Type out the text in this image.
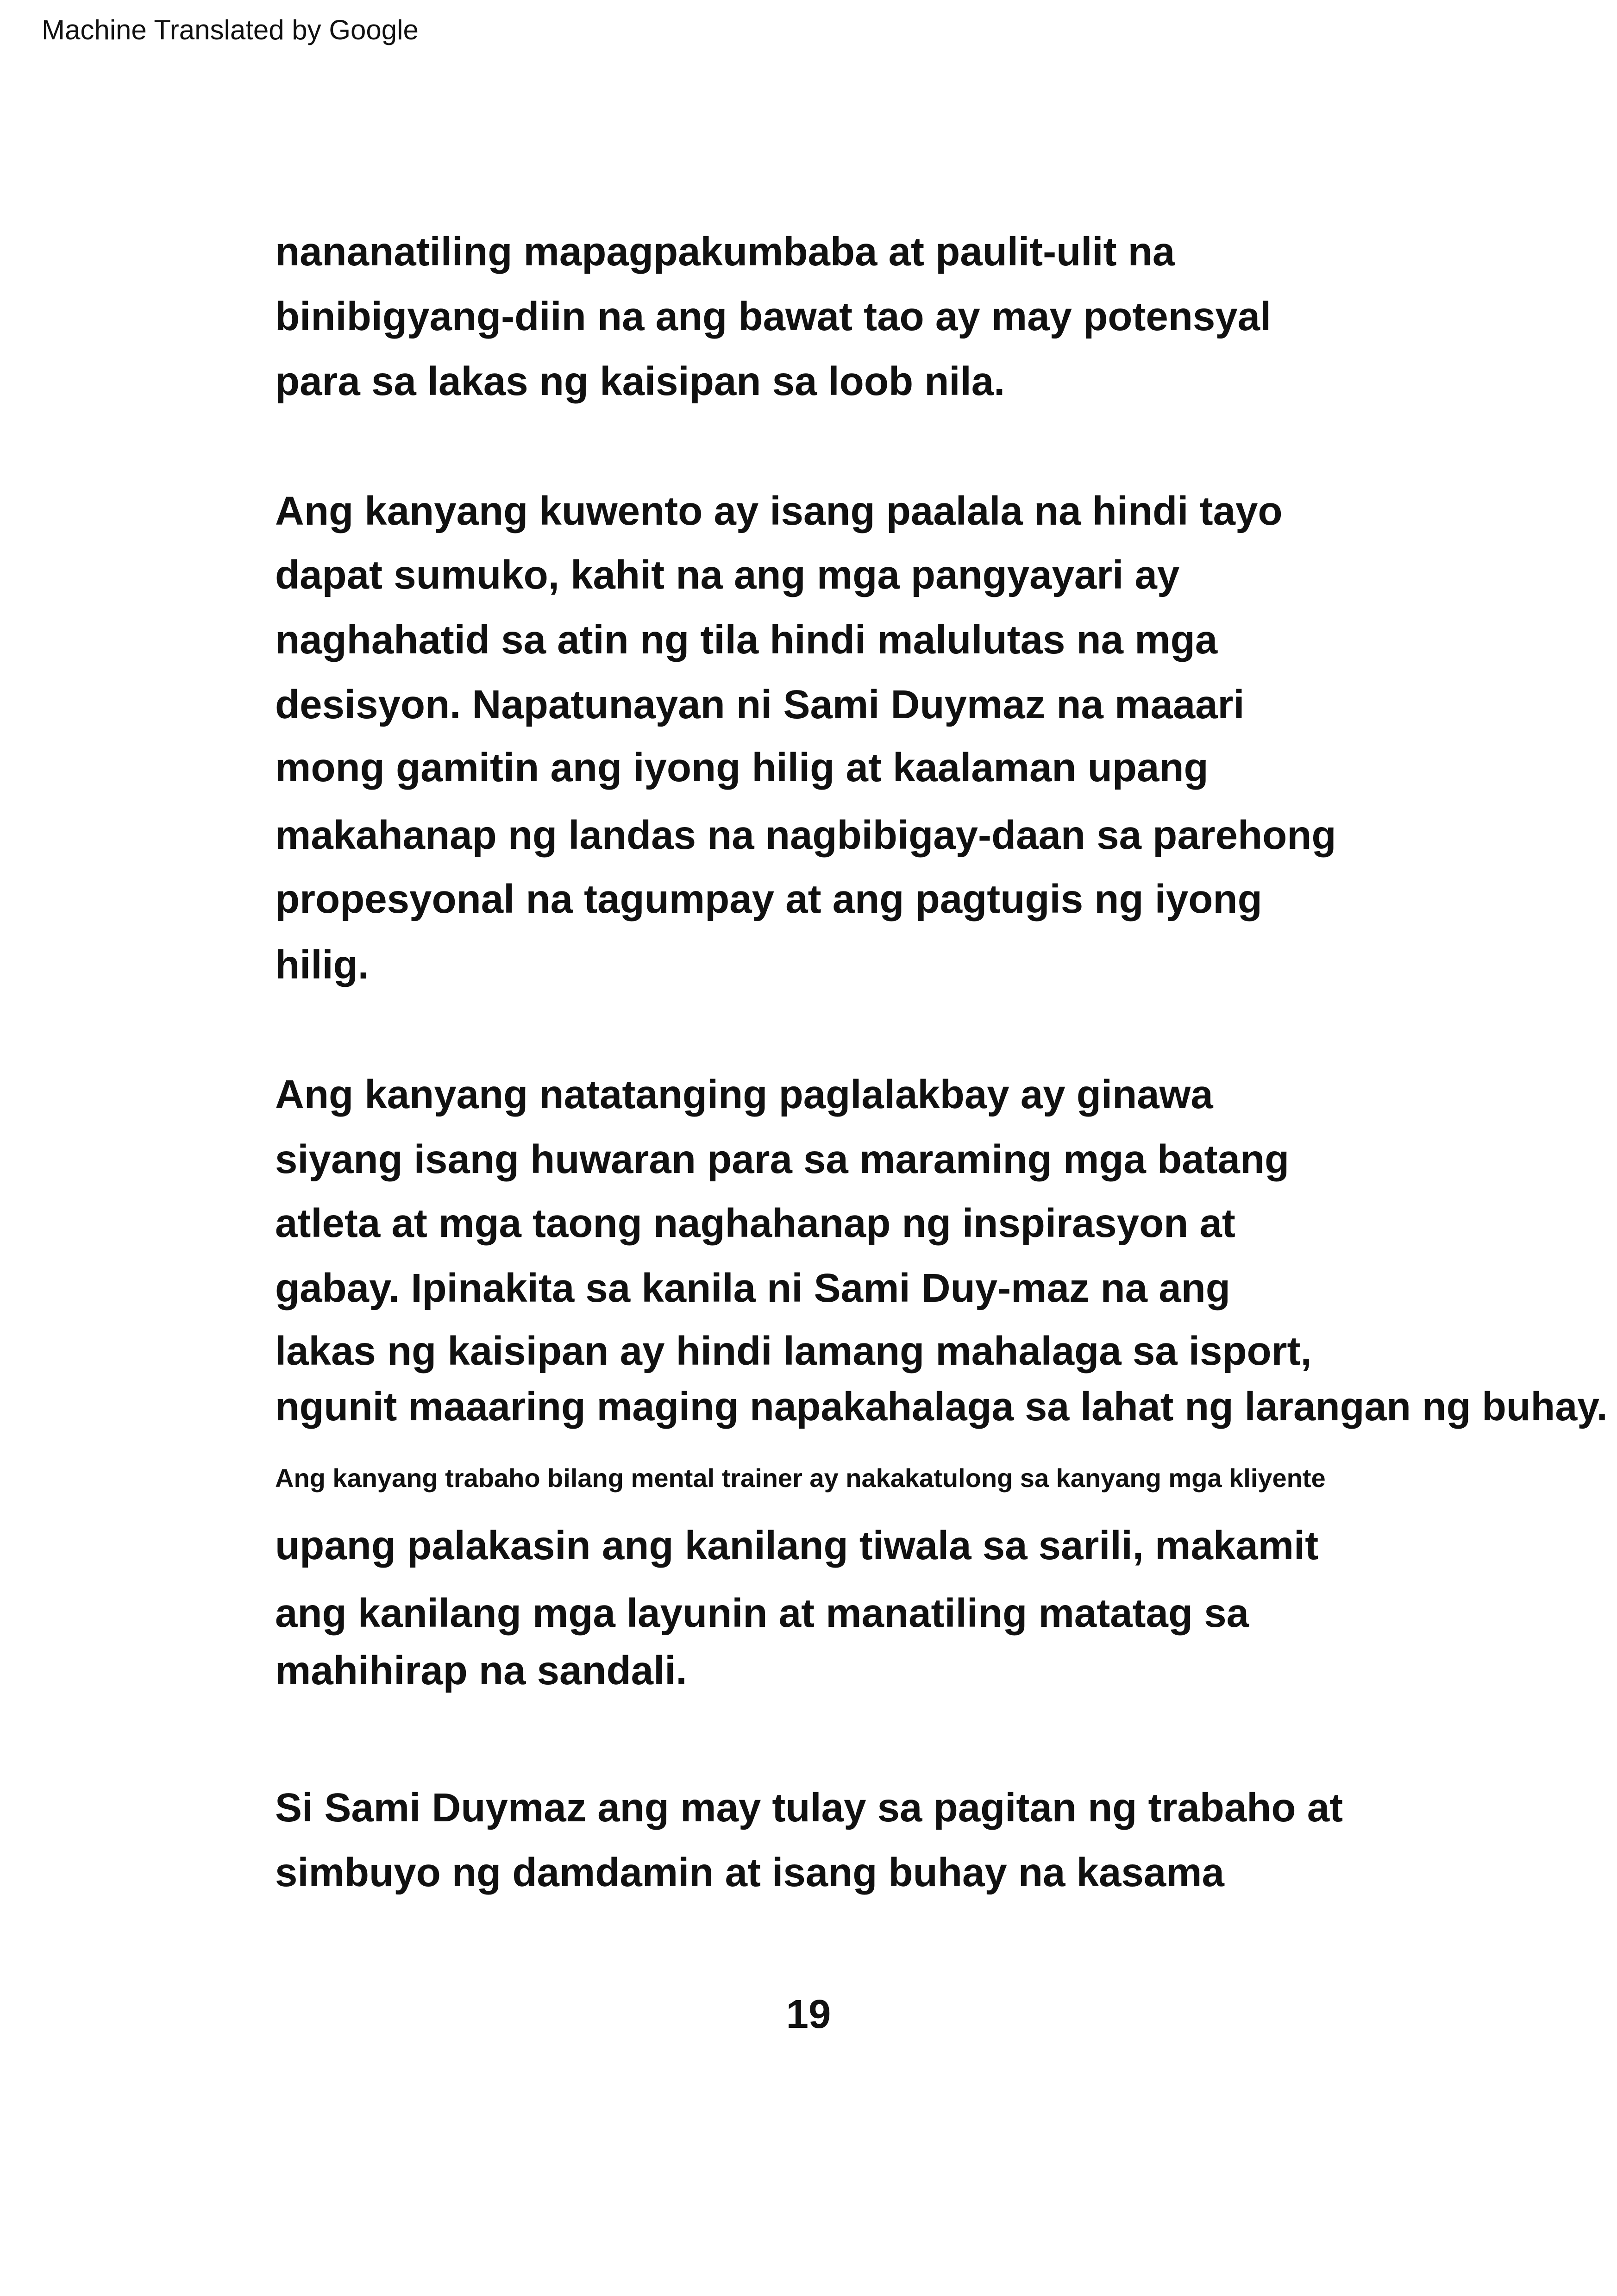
Machine Translated by Google
nananatiling mapagpakumbaba at paulit-ulit na
binibigyang-diin na ang bawat tao ay may potensyal
para sa lakas ng kaisipan sa loob nila.
Ang kanyang kuwento ay isang paalala na hindi tayo
dapat sumuko, kahit na ang mga pangyayari ay
naghahatid sa atin ng tila hindi malulutas na mga
desisyon. Napatunayan ni Sami Duymaz na maaari
mong gamitin ang iyong hilig at kaalaman upang
makahanap ng landas na nagbibigay-daan sa parehong
propesyonal na tagumpay at ang pagtugis ng iyong
hilig.
Ang kanyang natatanging paglalakbay ay ginawa
siyang isang huwaran para sa maraming mga batang
atleta at mga taong naghahanap ng inspirasyon at
gabay. Ipinakita sa kanila ni Sami Duy-maz na ang
lakas ng kaisipan ay hindi lamang mahalaga sa isport,
ngunit maaaring maging napakahalaga sa lahat ng larangan ng buhay.
Ang kanyang trabaho bilang mental trainer ay nakakatulong sa kanyang mga kliyente
upang palakasin ang kanilang tiwala sa sarili, makamit
ang kanilang mga layunin at manatiling matatag sa
mahihirap na sandali.
Si Sami Duymaz ang may tulay sa pagitan ng trabaho at
simbuyo ng damdamin at isang buhay na kasama
19
